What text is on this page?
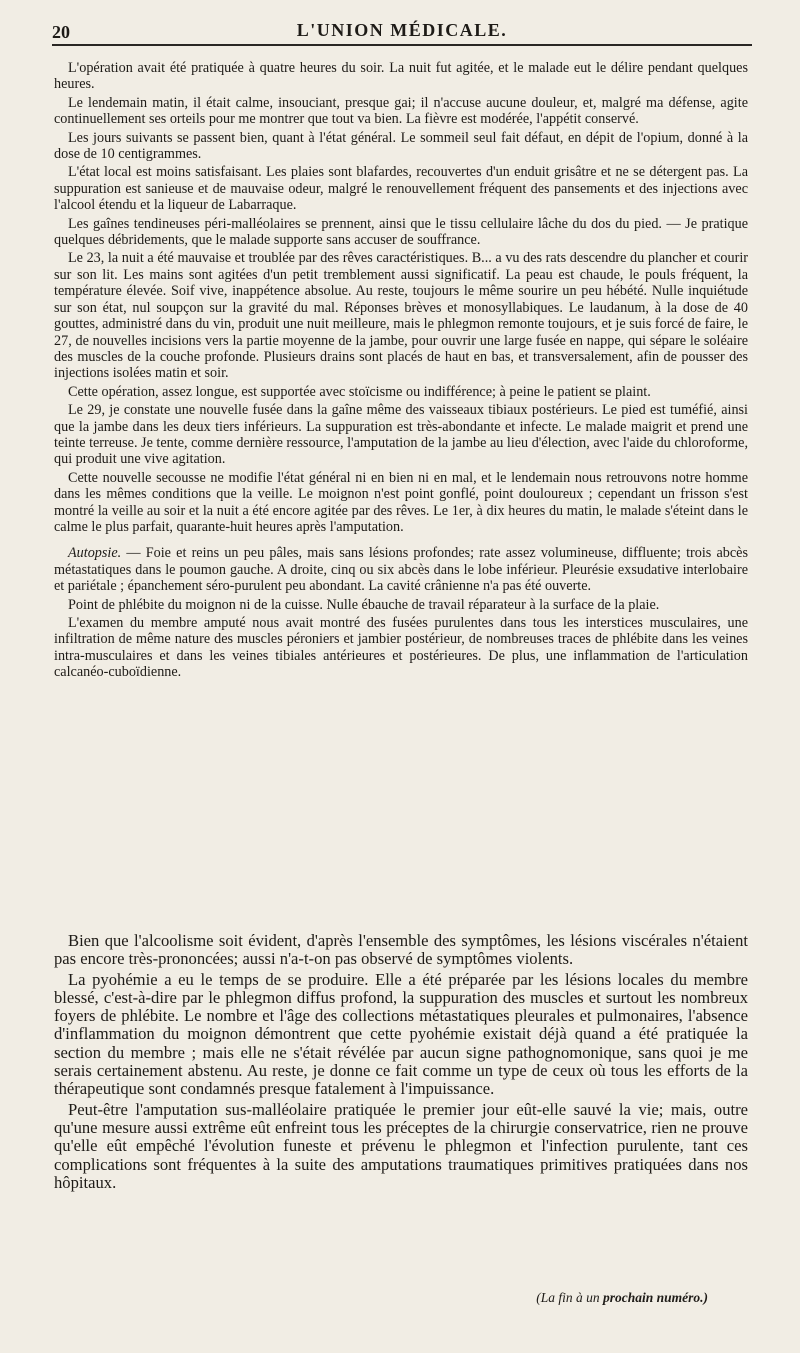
20	L'UNION MÉDICALE.

L'opération avait été pratiquée à quatre heures du soir. La nuit fut agitée, et le malade eut le délire pendant quelques heures.

Le lendemain matin, il était calme, insouciant, presque gai; il n'accuse aucune douleur, et, malgré ma défense, agite continuellement ses orteils pour me montrer que tout va bien. La fièvre est modérée, l'appétit conservé.

Les jours suivants se passent bien, quant à l'état général. Le sommeil seul fait défaut, en dépit de l'opium, donné à la dose de 10 centigrammes.

L'état local est moins satisfaisant. Les plaies sont blafardes, recouvertes d'un enduit grisâtre et ne se détergent pas. La suppuration est sanieuse et de mauvaise odeur, malgré le renouvellement fréquent des pansements et des injections avec l'alcool étendu et la liqueur de Labarraque.

Les gaînes tendineuses péri-malléolaires se prennent, ainsi que le tissu cellulaire lâche du dos du pied. — Je pratique quelques débridements, que le malade supporte sans accuser de souffrance.

Le 23, la nuit a été mauvaise et troublée par des rêves caractéristiques. B... a vu des rats descendre du plancher et courir sur son lit. Les mains sont agitées d'un petit tremblement aussi significatif. La peau est chaude, le pouls fréquent, la température élevée. Soif vive, inappétence absolue. Au reste, toujours le même sourire un peu hébété. Nulle inquiétude sur son état, nul soupçon sur la gravité du mal. Réponses brèves et monosyllabiques. Le laudanum, à la dose de 40 gouttes, administré dans du vin, produit une nuit meilleure, mais le phlegmon remonte toujours, et je suis forcé de faire, le 27, de nouvelles incisions vers la partie moyenne de la jambe, pour ouvrir une large fusée en nappe, qui sépare le soléaire des muscles de la couche profonde. Plusieurs drains sont placés de haut en bas, et transversalement, afin de pousser des injections isolées matin et soir.

Cette opération, assez longue, est supportée avec stoïcisme ou indifférence; à peine le patient se plaint.

Le 29, je constate une nouvelle fusée dans la gaîne même des vaisseaux tibiaux postérieurs. Le pied est tuméfié, ainsi que la jambe dans les deux tiers inférieurs. La suppuration est très-abondante et infecte. Le malade maigrit et prend une teinte terreuse. Je tente, comme dernière ressource, l'amputation de la jambe au lieu d'élection, avec l'aide du chloroforme, qui produit une vive agitation.

Cette nouvelle secousse ne modifie l'état général ni en bien ni en mal, et le lendemain nous retrouvons notre homme dans les mêmes conditions que la veille. Le moignon n'est point gonflé, point douloureux ; cependant un frisson s'est montré la veille au soir et la nuit a été encore agitée par des rêves. Le 1er, à dix heures du matin, le malade s'éteint dans le calme le plus parfait, quarante-huit heures après l'amputation.

Autopsie. — Foie et reins un peu pâles, mais sans lésions profondes; rate assez volumineuse, diffluente; trois abcès métastatiques dans le poumon gauche. A droite, cinq ou six abcès dans le lobe inférieur. Pleurésie exsudative interlobaire et pariétale ; épanchement séro-purulent peu abondant. La cavité crânienne n'a pas été ouverte.

Point de phlébite du moignon ni de la cuisse. Nulle ébauche de travail réparateur à la surface de la plaie.

L'examen du membre amputé nous avait montré des fusées purulentes dans tous les interstices musculaires, une infiltration de même nature des muscles péroniers et jambier postérieur, de nombreuses traces de phlébite dans les veines intra-musculaires et dans les veines tibiales antérieures et postérieures. De plus, une inflammation de l'articulation calcanéo-cuboïdienne.

Bien que l'alcoolisme soit évident, d'après l'ensemble des symptômes, les lésions viscérales n'étaient pas encore très-prononcées; aussi n'a-t-on pas observé de symptômes violents.

La pyohémie a eu le temps de se produire. Elle a été préparée par les lésions locales du membre blessé, c'est-à-dire par le phlegmon diffus profond, la suppuration des muscles et surtout les nombreux foyers de phlébite. Le nombre et l'âge des collections métastatiques pleurales et pulmonaires, l'absence d'inflammation du moignon démontrent que cette pyohémie existait déjà quand a été pratiquée la section du membre ; mais elle ne s'était révélée par aucun signe pathognomonique, sans quoi je me serais certainement abstenu. Au reste, je donne ce fait comme un type de ceux où tous les efforts de la thérapeutique sont condamnés presque fatalement à l'impuissance.

Peut-être l'amputation sus-malléolaire pratiquée le premier jour eût-elle sauvé la vie; mais, outre qu'une mesure aussi extrême eût enfreint tous les préceptes de la chirurgie conservatrice, rien ne prouve qu'elle eût empêché l'évolution funeste et prévenu le phlegmon et l'infection purulente, tant ces complications sont fréquentes à la suite des amputations traumatiques primitives pratiquées dans nos hôpitaux.

(La fin à un prochain numéro.)
